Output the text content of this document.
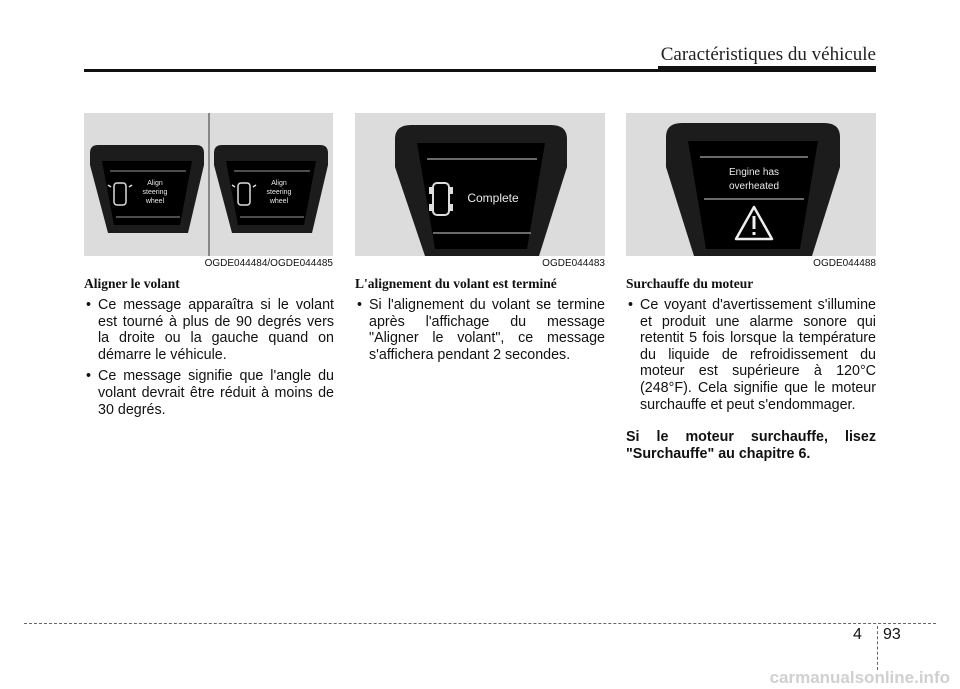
Caractéristiques du véhicule
Align
steering
wheel
Align
steering
wheel
OGDE044484/OGDE044485
Complete
OGDE044483
Engine has
overheated
OGDE044488
Aligner le volant
• Ce message apparaîtra si le volant est tourné à plus de 90 degrés vers la droite ou la gauche quand on démarre le véhicule.
• Ce message signifie que l'angle du volant devrait être réduit à moins de 30 degrés.
L'alignement du volant est terminé
• Si l'alignement du volant se termine après l'affichage du message "Aligner le volant", ce message s'affichera pendant 2 secondes.
Surchauffe du moteur
• Ce voyant d'avertissement s'illumine et produit une alarme sonore qui retentit 5 fois lorsque la température du liquide de refroidissement du moteur est supérieure à 120°C (248°F). Cela signifie que le moteur surchauffe et peut s'endommager.
Si le moteur surchauffe, lisez "Surchauffe" au chapitre 6.
4 93
carmanualsonline.info
